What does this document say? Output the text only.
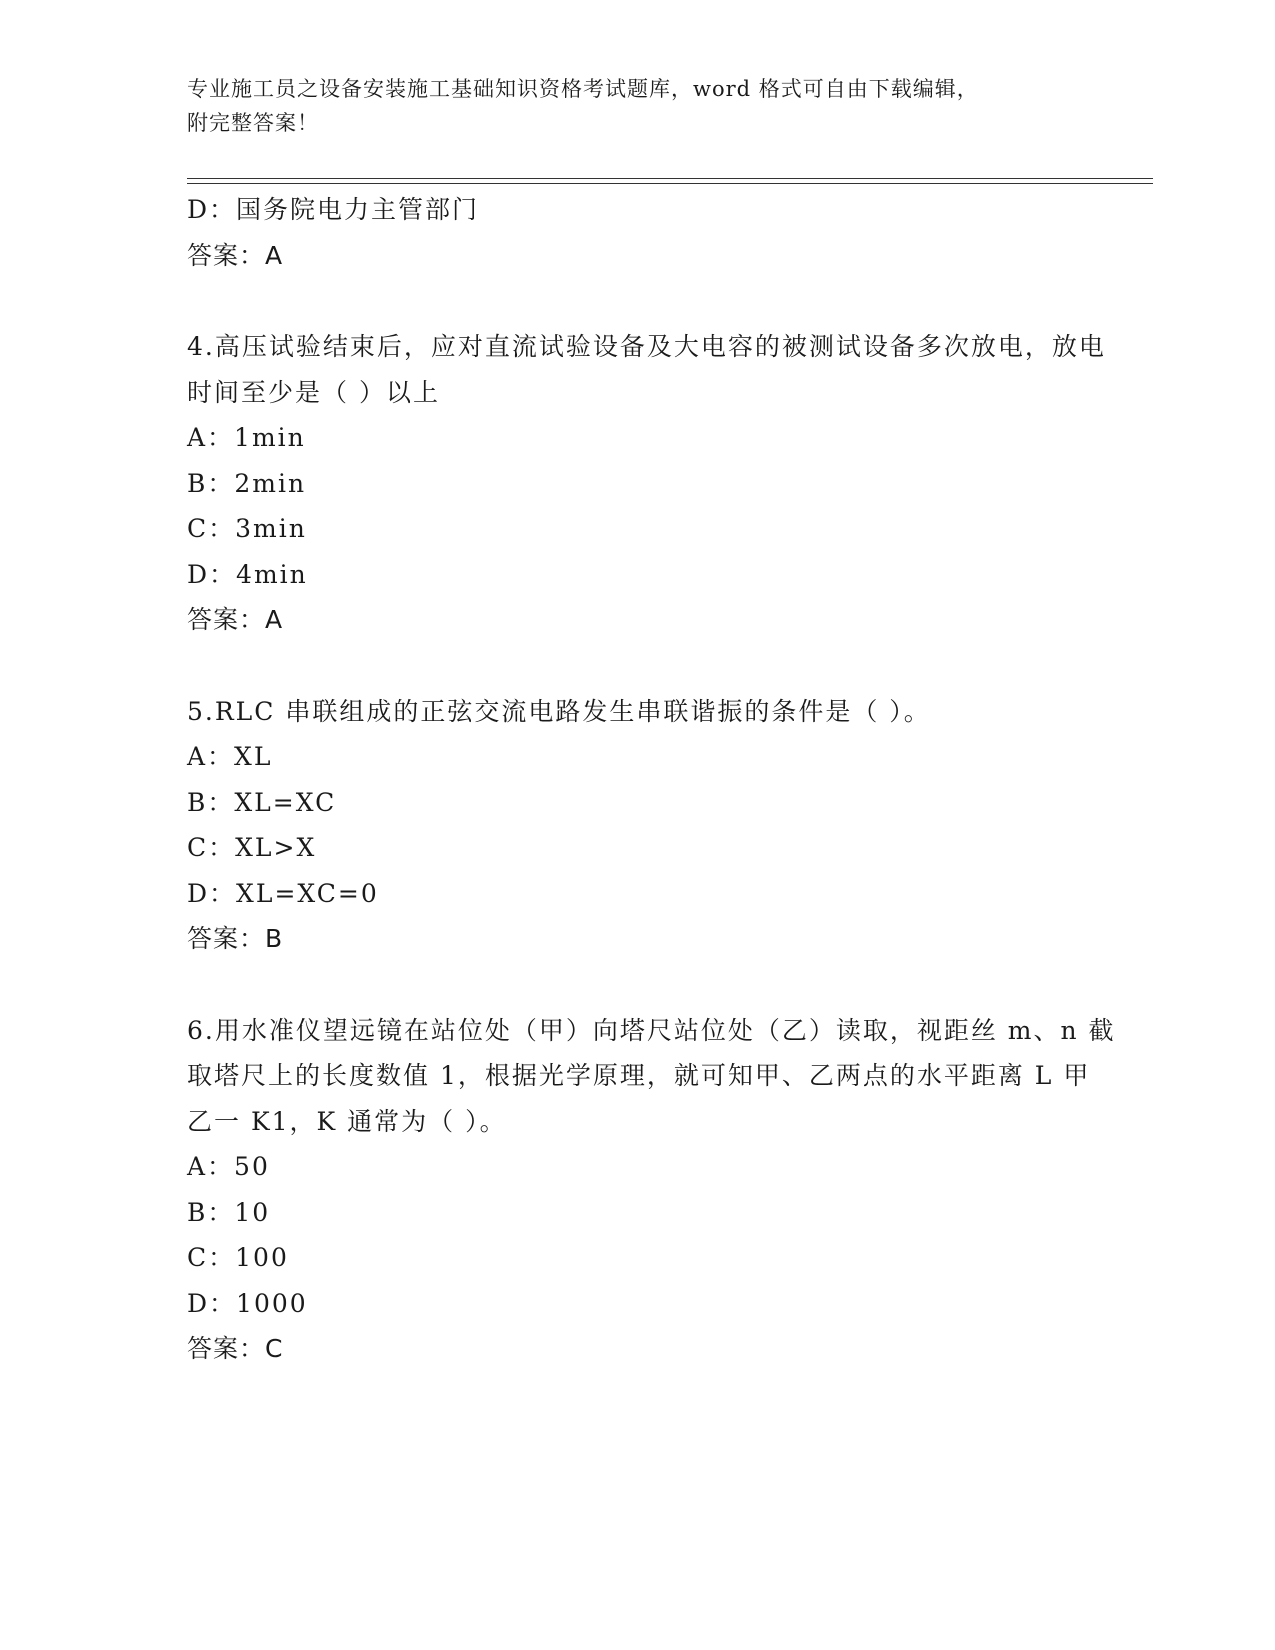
专业施工员之设备安装施工基础知识资格考试题库，word 格式可自由下载编辑，
附完整答案！
D：国务院电力主管部门
答案：A
4.高压试验结束后，应对直流试验设备及大电容的被测试设备多次放电，放电时间至少是（ ）以上
A：1min
B：2min
C：3min
D：4min
答案：A
5.RLC 串联组成的正弦交流电路发生串联谐振的条件是（ ）。
A：XL
B：XL=XC
C：XL>X
D：XL=XC=0
答案：B
6.用水准仪望远镜在站位处（甲）向塔尺站位处（乙）读取，视距丝 m、n 截取塔尺上的长度数值 1，根据光学原理，就可知甲、乙两点的水平距离 L 甲乙一 K1，K 通常为（ ）。
A：50
B：10
C：100
D：1000
答案：C
